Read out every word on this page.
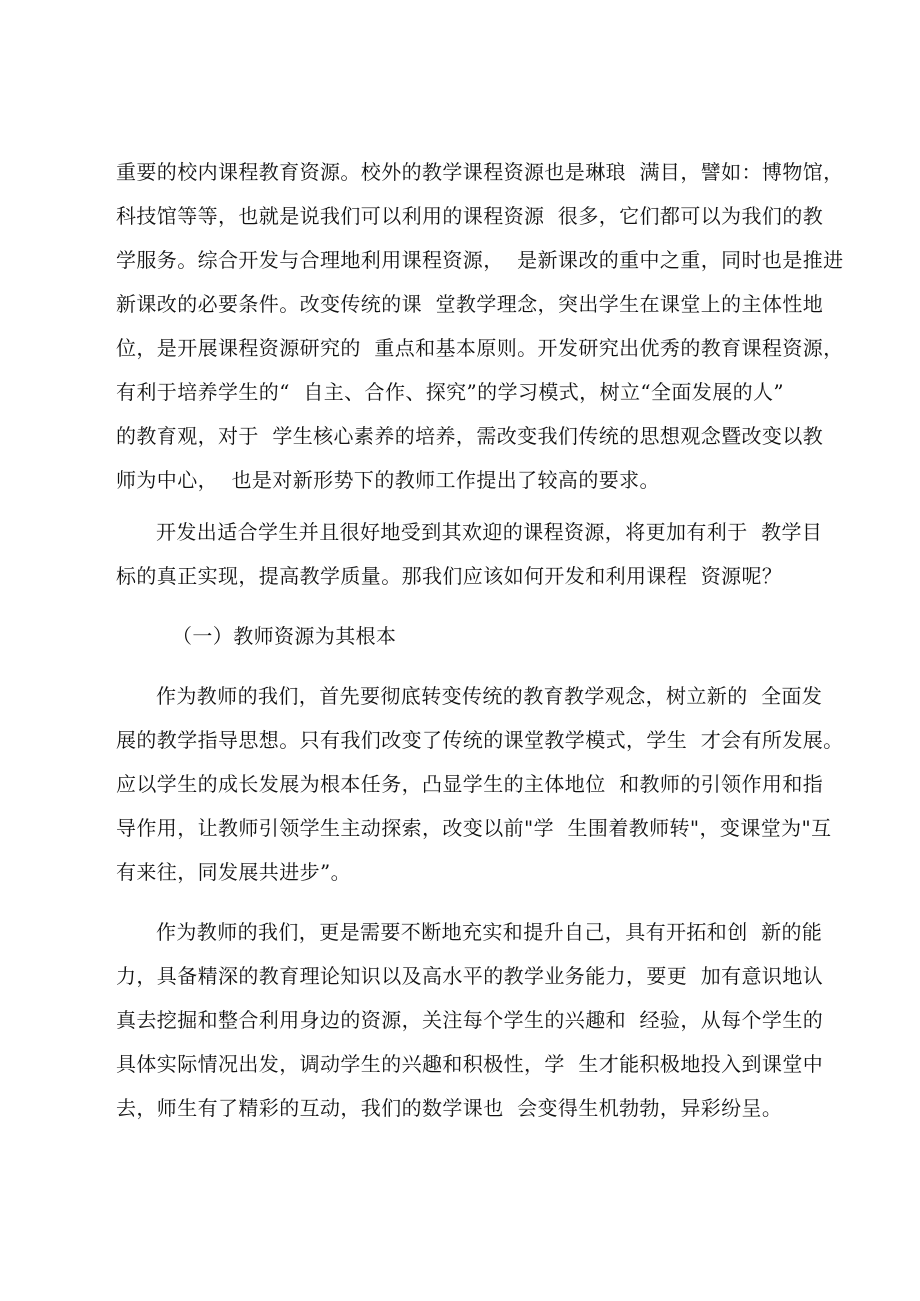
重要的校内课程教育资源。校外的教学课程资源也是琳琅  满目，譬如：博物馆，
科技馆等等，也就是说我们可以利用的课程资源  很多，它们都可以为我们的教
学服务。综合开发与合理地利用课程资源，  是新课改的重中之重，同时也是推进
新课改的必要条件。改变传统的课  堂教学理念，突出学生在课堂上的主体性地
位，是开展课程资源研究的  重点和基本原则。开发研究出优秀的教育课程资源，
有利于培养学生的“  自主、合作、探究”的学习模式，树立“全面发展的人”
的教育观，对于  学生核心素养的培养，需改变我们传统的思想观念暨改变以教
师为中心，  也是对新形势下的教师工作提出了较高的要求。
开发出适合学生并且很好地受到其欢迎的课程资源，将更加有利于  教学目
标的真正实现，提高教学质量。那我们应该如何开发和利用课程  资源呢？
（一）教师资源为其根本
作为教师的我们，首先要彻底转变传统的教育教学观念，树立新的  全面发
展的教学指导思想。只有我们改变了传统的课堂教学模式，学生  才会有所发展。
应以学生的成长发展为根本任务，凸显学生的主体地位  和教师的引领作用和指
导作用，让教师引领学生主动探索，改变以前"学  生围着教师转"，变课堂为"互
有来往，同发展共进步”。
作为教师的我们，更是需要不断地充实和提升自己，具有开拓和创  新的能
力，具备精深的教育理论知识以及高水平的教学业务能力，要更  加有意识地认
真去挖掘和整合利用身边的资源，关注每个学生的兴趣和  经验，从每个学生的
具体实际情况出发，调动学生的兴趣和积极性，学  生才能积极地投入到课堂中
去，师生有了精彩的互动，我们的数学课也  会变得生机勃勃，异彩纷呈。
